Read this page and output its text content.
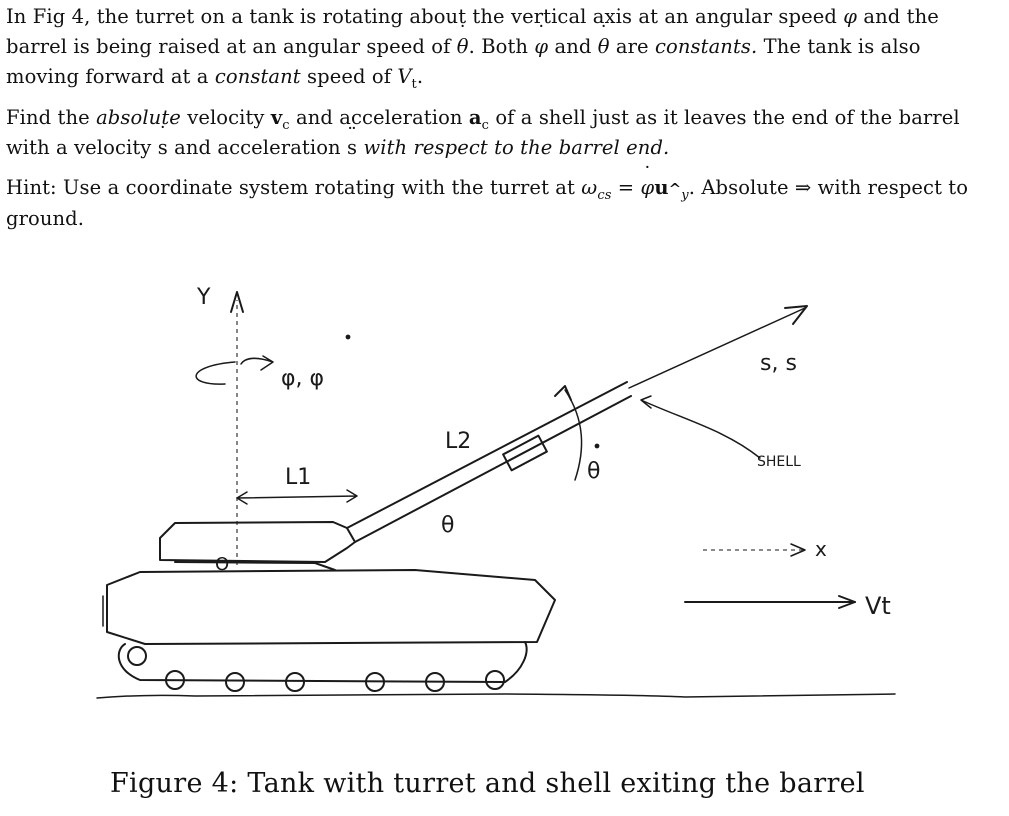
In Fig 4, the turret on a tank is rotating about the vertical axis at an angular speed φ ˙ and the barrel is being raised at an angular speed of θ ˙. Both φ ˙ and θ ˙ are constants. The tank is also moving forward at a constant speed of $V_t$.

Find the absolute velocity $v_c$ and acceleration $a_c$ of a shell just as it leaves the end of the barrel with a velocity s ˙ and acceleration s ¨ with respect to the barrel end.

Hint: Use a coordinate system rotating with the turret at $\omega_{cs} = \varphi$ ˙u ^ $_y$. Absolute ⇒ with respect to ground.

Y
φ, φ
L1
O
s, s
SHELL
L2
θ
θ
x
Vt

Figure 4: Tank with turret and shell exiting the barrel
